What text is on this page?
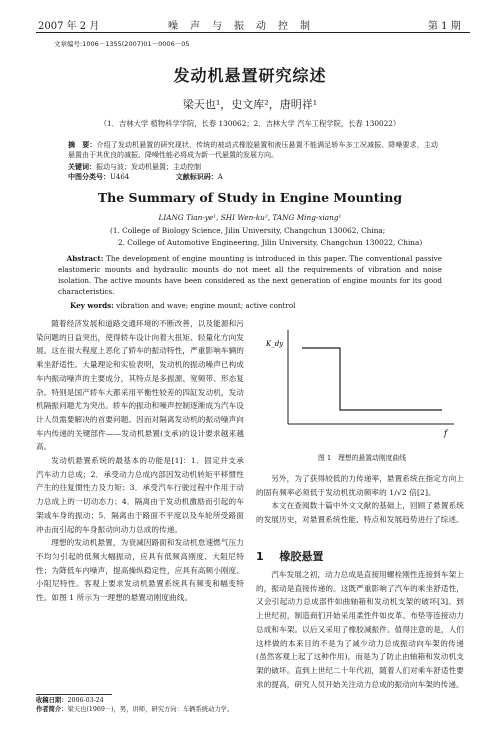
2007 年 2 月	噪　声　与　振　动　控　制	第 1 期
文章编号:1006－1355(2007)01－0006－05
发动机悬置研究综述
梁天也¹，史文库²，唐明祥¹
（1．吉林大学 植物科学学院，长春 130062；2．吉林大学 汽车工程学院，长春 130022）
摘　要：介绍了发动机悬置的研究现状，传统的被动式橡胶悬置和液压悬置不能满足轿车多工况减振、降噪要求，主动悬置由于其优良的减振、降噪性能必将成为新一代悬置的发展方向。
关键词：振动与波；发动机悬置；主动控制
中图分类号：U464	文献标识码：A
The Summary of Study in Engine Mounting
LIANG Tian-ye¹, SHI Wen-ku², TANG Ming-xiang¹
(1. College of Biology Science, Jilin University, Changchun 130062, China;
2. College of Automotive Engineering, Jilin University, Changchun 130022, China)
Abstract: The development of engine mounting is introduced in this paper. The conventional passive elastomeric mounts and hydraulic mounts do not meet all the requirements of vibration and noise isolation. The active mounts have been considered as the next generation of engine mounts for its good characteristics.
Key words: vibration and wave; engine mount; active control

随着经济发展和道路交通环境的不断改善，以及能源和污染问题的日益突出，使得轿车设计向着大扭矩、轻量化方向发展。这在很大程度上恶化了轿车的振动特性，严重影响车辆的乘坐舒适性。大量理论和实验表明，发动机的振动噪声已构成车内振动噪声的主要成分，其特点是多振源、宽频带、形态复杂。特别是国产轿车大都采用平衡性较差的四缸发动机，发动机隔振问题尤为突出。轿车的振动和噪声控制逐渐成为汽车设计人员需要解决的首要问题。因而对隔离发动机的振动噪声向车内传递的关键部件——发动机悬置(支承)的设计要求越来越高。

发动机悬置系统的最基本的功能是[1]：1．固定并支承汽车动力总成；2．承受动力总成内部因发动机转矩平移惯性产生的往复惯性力及力矩；3．承受汽车行驶过程中作用于动力总成上的一切动态力；4．隔离由于发动机激励而引起的车架或车身的振动；5．隔离由于路面不平度以及车轮所受路面冲击而引起的车身振动向动力总成的传递。

理想的发动机悬置，为衰减因路面和发动机怠速燃气压力不均匀引起的低频大幅振动，应具有低频高刚度、大阻尼特性；为降低车内噪声，提高操纵稳定性，应具有高频小刚度、小阻尼特性。客观上要求发动机悬置系统具有频变和幅变特性。如图 1 所示为一理想的悬置动刚度曲线。

收稿日期：2006-03-24
作者简介：梁天也(1969－)，男，讲师，研究方向：车辆系统动力学。
K_dy
f
图 1　理想的悬置动刚度曲线

另外，为了获得较低的力传递率，悬置系统在指定方向上的固有频率必须低于发动机扰动频率的 1/√2 倍[2]。

本文在查阅数十篇中外文文献的基础上，回顾了悬置系统的发展历史，对悬置系统性能、特点和发展趋势进行了综述。

1 橡胶悬置

汽车发展之初，动力总成是直接用螺栓刚性连接到车架上的，振动是直接传递的。这既严重影响了汽车的乘坐舒适性，又会引起动力总成部件如曲轴箱和发动机支架的破坏[3]。到上世纪初，制造商们开始采用柔性件如皮革、布垫等连接动力总成和车架。以后又采用了橡胶减振件。值得注意的是，人们这样做的本来目的不是为了减少动力总成振动向车架的传递(虽然客观上起了这种作用)，而是为了防止由轴箱和发动机支架的破坏。直到上世纪二十年代初，随着人们对乘车舒适性要求的提高，研究人员开始关注动力总成的振动向车架的传递。
